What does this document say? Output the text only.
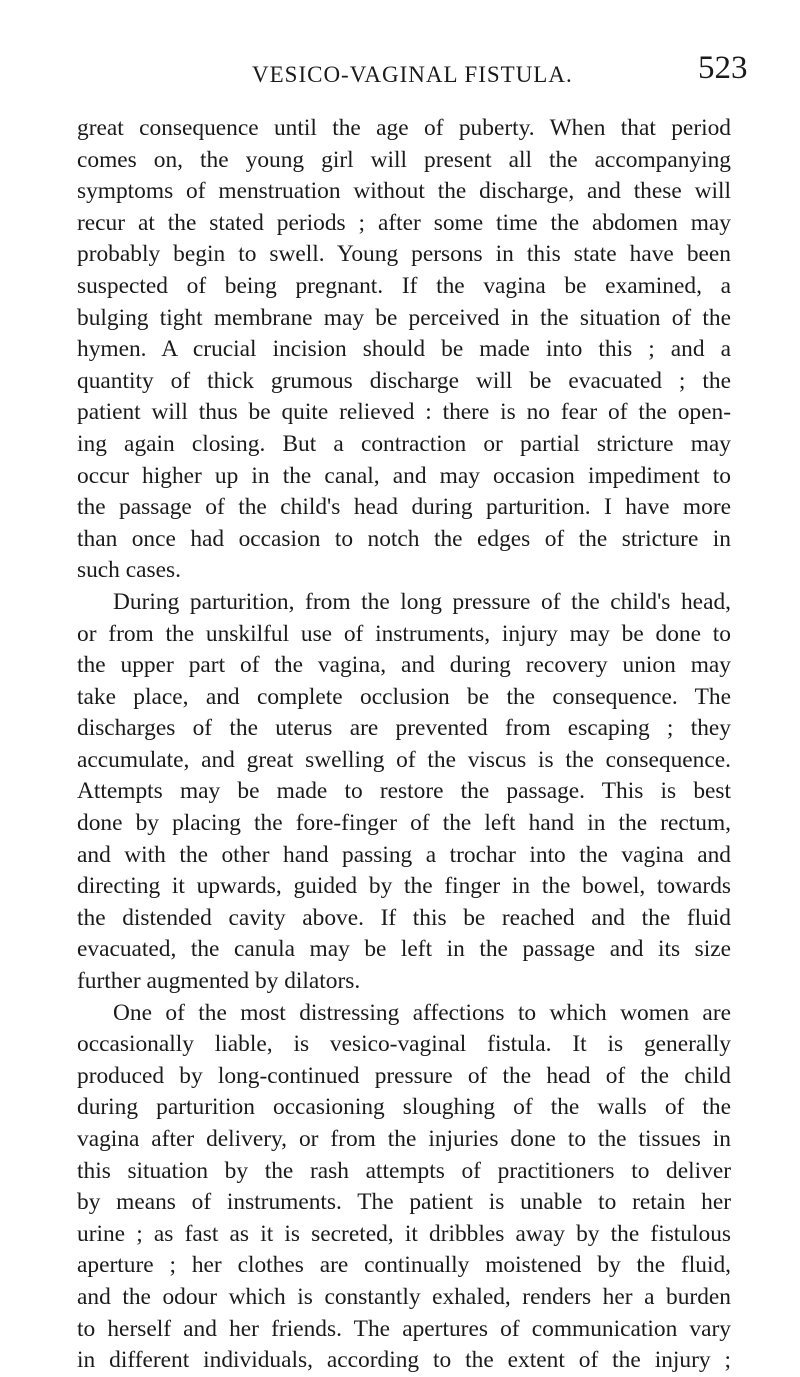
VESICO-VAGINAL FISTULA.	523
great consequence until the age of puberty. When that period
comes on, the young girl will present all the accompanying
symptoms of menstruation without the discharge, and these will
recur at the stated periods ; after some time the abdomen may
probably begin to swell. Young persons in this state have been
suspected of being pregnant. If the vagina be examined, a
bulging tight membrane may be perceived in the situation of the
hymen. A crucial incision should be made into this ; and a
quantity of thick grumous discharge will be evacuated ; the
patient will thus be quite relieved : there is no fear of the open-
ing again closing. But a contraction or partial stricture may
occur higher up in the canal, and may occasion impediment to
the passage of the child's head during parturition. I have more
than once had occasion to notch the edges of the stricture in
such cases.
During parturition, from the long pressure of the child's head,
or from the unskilful use of instruments, injury may be done to
the upper part of the vagina, and during recovery union may
take place, and complete occlusion be the consequence. The
discharges of the uterus are prevented from escaping ; they
accumulate, and great swelling of the viscus is the consequence.
Attempts may be made to restore the passage. This is best
done by placing the fore-finger of the left hand in the rectum,
and with the other hand passing a trochar into the vagina and
directing it upwards, guided by the finger in the bowel, towards
the distended cavity above. If this be reached and the fluid
evacuated, the canula may be left in the passage and its size
further augmented by dilators.
One of the most distressing affections to which women are
occasionally liable, is vesico-vaginal fistula. It is generally
produced by long-continued pressure of the head of the child
during parturition occasioning sloughing of the walls of the
vagina after delivery, or from the injuries done to the tissues in
this situation by the rash attempts of practitioners to deliver
by means of instruments. The patient is unable to retain her
urine ; as fast as it is secreted, it dribbles away by the fistulous
aperture ; her clothes are continually moistened by the fluid,
and the odour which is constantly exhaled, renders her a burden
to herself and her friends. The apertures of communication vary
in different individuals, according to the extent of the injury ;
